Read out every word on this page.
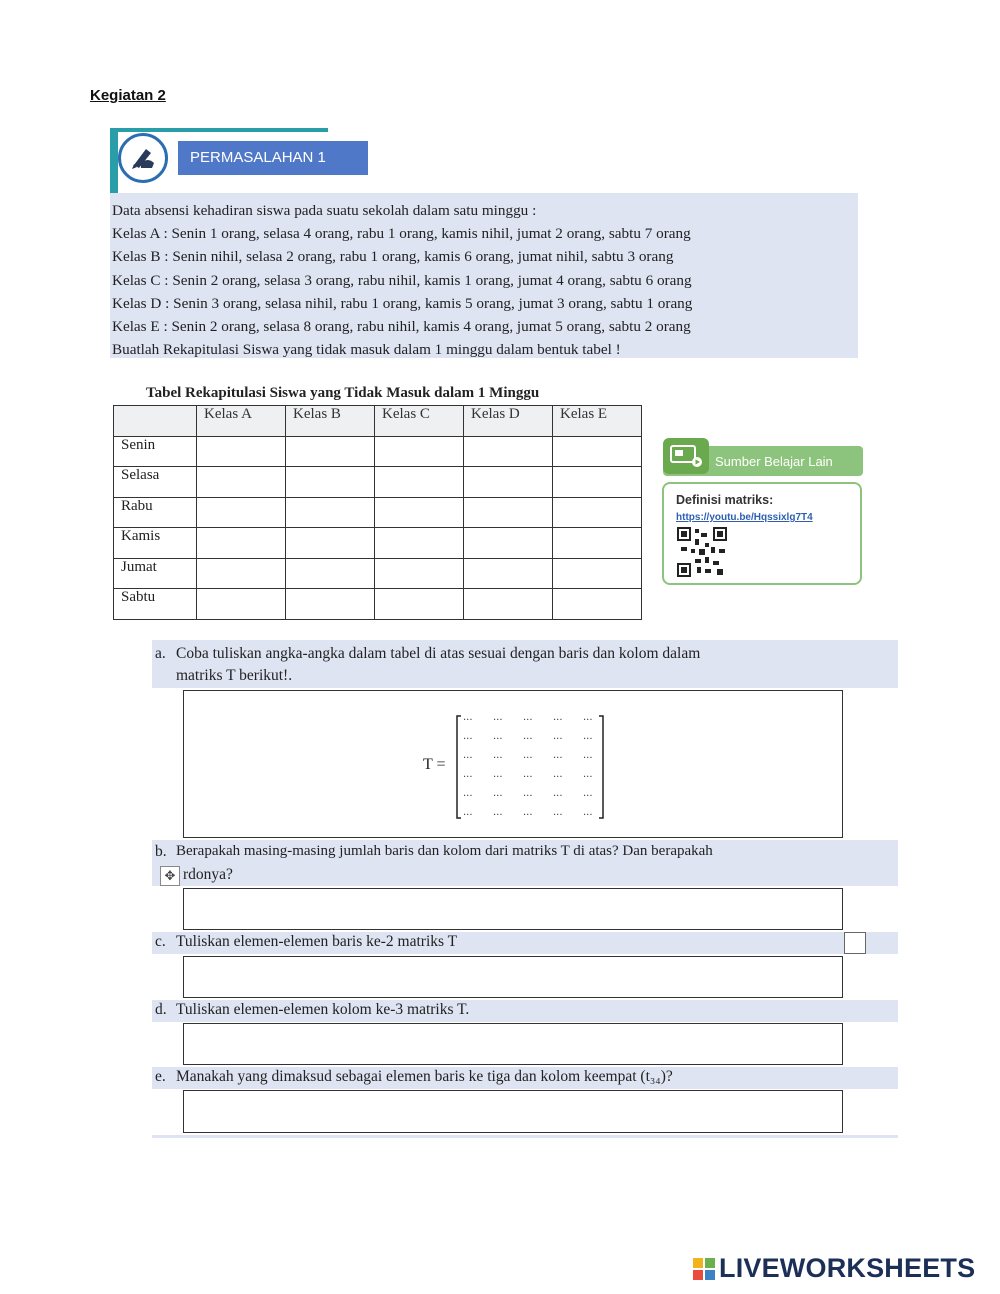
Kegiatan 2
PERMASALAHAN 1
Data absensi kehadiran siswa pada suatu sekolah dalam satu minggu :
Kelas A : Senin 1 orang, selasa 4 orang, rabu 1 orang, kamis nihil, jumat 2 orang, sabtu 7 orang
Kelas B : Senin nihil, selasa 2 orang, rabu 1 orang, kamis 6 orang, jumat nihil, sabtu 3 orang
Kelas C : Senin 2 orang, selasa 3 orang, rabu nihil, kamis 1 orang, jumat 4 orang, sabtu 6 orang
Kelas D : Senin 3 orang, selasa nihil, rabu 1 orang, kamis 5 orang, jumat 3 orang, sabtu 1 orang
Kelas E : Senin 2 orang, selasa 8 orang, rabu nihil, kamis 4 orang, jumat 5 orang, sabtu 2 orang
Buatlah Rekapitulasi Siswa yang tidak masuk dalam 1 minggu dalam bentuk tabel !
Tabel Rekapitulasi Siswa yang Tidak Masuk dalam 1 Minggu
	Kelas A	Kelas B	Kelas C	Kelas D	Kelas E
Senin					
Selasa					
Rabu					
Kamis					
Jumat					
Sabtu					
Sumber Belajar Lain
Definisi matriks:
https://youtu.be/Hqssixlg7T4
a. Coba tuliskan angka-angka dalam tabel di atas sesuai dengan baris dan kolom dalam
matriks T berikut!.
T =
... ... ... ... ...
... ... ... ... ...
... ... ... ... ...
... ... ... ... ...
... ... ... ... ...
... ... ... ... ...
b. Berapakah masing-masing jumlah baris dan kolom dari matriks T di atas? Dan berapakah
✥ rdonya?
c. Tuliskan elemen-elemen baris ke-2 matriks T
d. Tuliskan elemen-elemen kolom ke-3 matriks T.
e. Manakah yang dimaksud sebagai elemen baris ke tiga dan kolom keempat (t₃₄)?
LIVEWORKSHEETS
